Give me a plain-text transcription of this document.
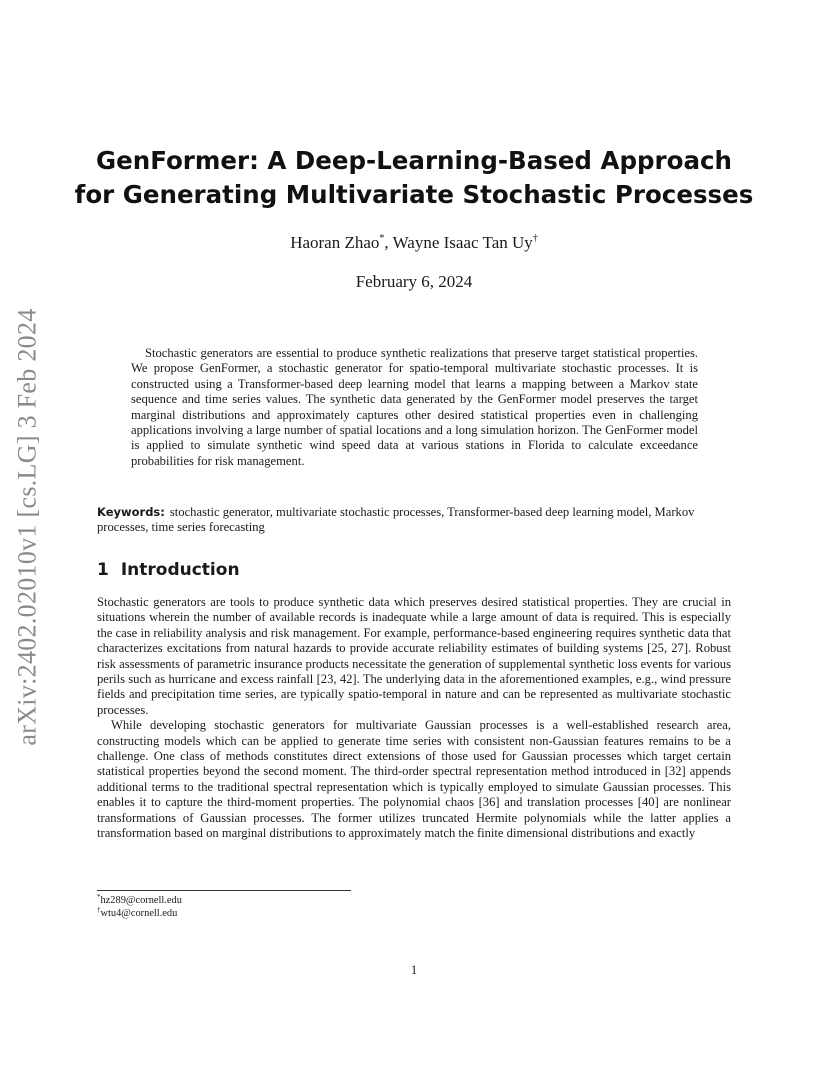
arXiv:2402.02010v1 [cs.LG] 3 Feb 2024
GenFormer: A Deep-Learning-Based Approach
for Generating Multivariate Stochastic Processes
Haoran Zhao*, Wayne Isaac Tan Uy†
February 6, 2024

Stochastic generators are essential to produce synthetic realizations that preserve target statistical properties. We propose GenFormer, a stochastic generator for spatio-temporal multivariate stochastic processes. It is constructed using a Transformer-based deep learning model that learns a mapping between a Markov state sequence and time series values. The synthetic data generated by the GenFormer model preserves the target marginal distributions and approximately captures other desired statistical properties even in challenging applications involving a large number of spatial locations and a long simulation horizon. The GenFormer model is applied to simulate synthetic wind speed data at various stations in Florida to calculate exceedance probabilities for risk management.

Keywords: stochastic generator, multivariate stochastic processes, Transformer-based deep learning model, Markov processes, time series forecasting

1 Introduction

Stochastic generators are tools to produce synthetic data which preserves desired statistical properties. They are crucial in situations wherein the number of available records is inadequate while a large amount of data is required. This is especially the case in reliability analysis and risk management. For example, performance-based engineering requires synthetic data that characterizes excitations from natural hazards to provide accurate reliability estimates of building systems [25, 27]. Robust risk assessments of parametric insurance products necessitate the generation of supplemental synthetic loss events for various perils such as hurricane and excess rainfall [23, 42]. The underlying data in the aforementioned examples, e.g., wind pressure fields and precipitation time series, are typically spatio-temporal in nature and can be represented as multivariate stochastic processes.

While developing stochastic generators for multivariate Gaussian processes is a well-established research area, constructing models which can be applied to generate time series with consistent non-Gaussian features remains to be a challenge. One class of methods constitutes direct extensions of those used for Gaussian processes which target certain statistical properties beyond the second moment. The third-order spectral representation method introduced in [32] appends additional terms to the traditional spectral representation which is typically employed to simulate Gaussian processes. This enables it to capture the third-moment properties. The polynomial chaos [36] and translation processes [40] are nonlinear transformations of Gaussian processes. The former utilizes truncated Hermite polynomials while the latter applies a transformation based on marginal distributions to approximately match the finite dimensional distributions and exactly

*hz289@cornell.edu
†wtu4@cornell.edu
1
